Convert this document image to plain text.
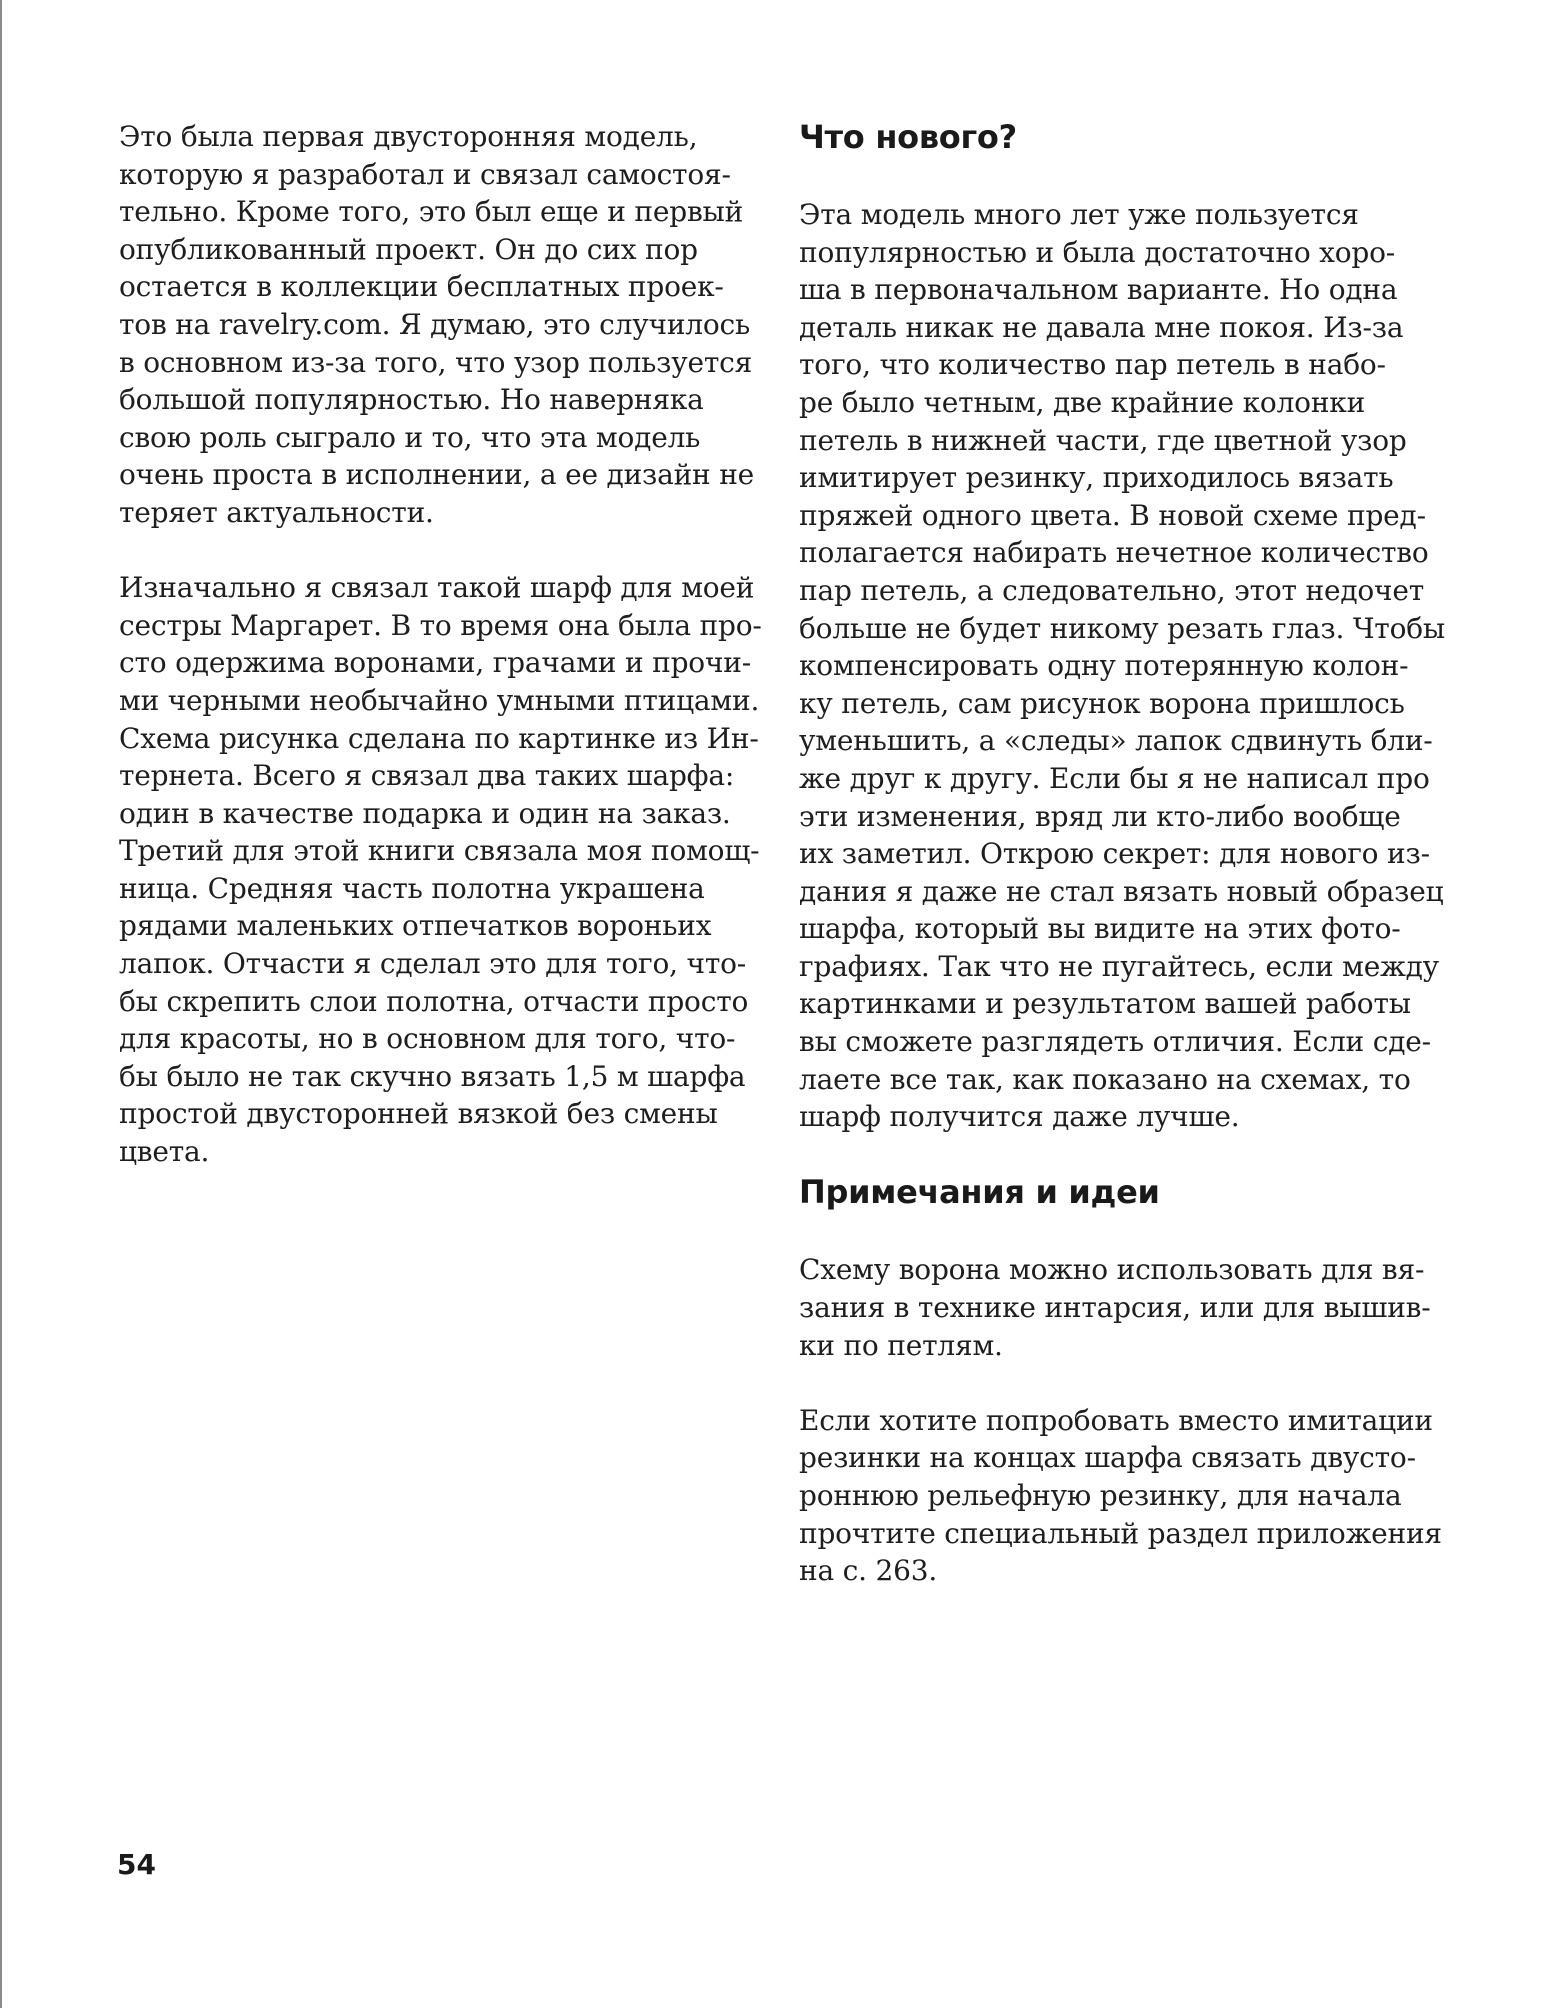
Это была первая двусторонняя модель,
которую я разработал и связал самостоя-
тельно. Кроме того, это был еще и первый
опубликованный проект. Он до сих пор
остается в коллекции бесплатных проек-
тов на ravelry.com. Я думаю, это случилось
в основном из-за того, что узор пользуется
большой популярностью. Но наверняка
свою роль сыграло и то, что эта модель
очень проста в исполнении, а ее дизайн не
теряет актуальности.
Изначально я связал такой шарф для моей
сестры Маргарет. В то время она была про-
сто одержима воронами, грачами и прочи-
ми черными необычайно умными птицами.
Схема рисунка сделана по картинке из Ин-
тернета. Всего я связал два таких шарфа:
один в качестве подарка и один на заказ.
Третий для этой книги связала моя помощ-
ница. Средняя часть полотна украшена
рядами маленьких отпечатков вороньих
лапок. Отчасти я сделал это для того, что-
бы скрепить слои полотна, отчасти просто
для красоты, но в основном для того, что-
бы было не так скучно вязать 1,5 м шарфа
простой двусторонней вязкой без смены
цвета.
Что нового?
Эта модель много лет уже пользуется
популярностью и была достаточно хоро-
ша в первоначальном варианте. Но одна
деталь никак не давала мне покоя. Из-за
того, что количество пар петель в набо-
ре было четным, две крайние колонки
петель в нижней части, где цветной узор
имитирует резинку, приходилось вязать
пряжей одного цвета. В новой схеме пред-
полагается набирать нечетное количество
пар петель, а следовательно, этот недочет
больше не будет никому резать глаз. Чтобы
компенсировать одну потерянную колон-
ку петель, сам рисунок ворона пришлось
уменьшить, а «следы» лапок сдвинуть бли-
же друг к другу. Если бы я не написал про
эти изменения, вряд ли кто-либо вообще
их заметил. Открою секрет: для нового из-
дания я даже не стал вязать новый образец
шарфа, который вы видите на этих фото-
графиях. Так что не пугайтесь, если между
картинками и результатом вашей работы
вы сможете разглядеть отличия. Если сде-
лаете все так, как показано на схемах, то
шарф получится даже лучше.
Примечания и идеи
Схему ворона можно использовать для вя-
зания в технике интарсия, или для вышив-
ки по петлям.
Если хотите попробовать вместо имитации
резинки на концах шарфа связать двусто-
роннюю рельефную резинку, для начала
прочтите специальный раздел приложения
на с. 263.
54
